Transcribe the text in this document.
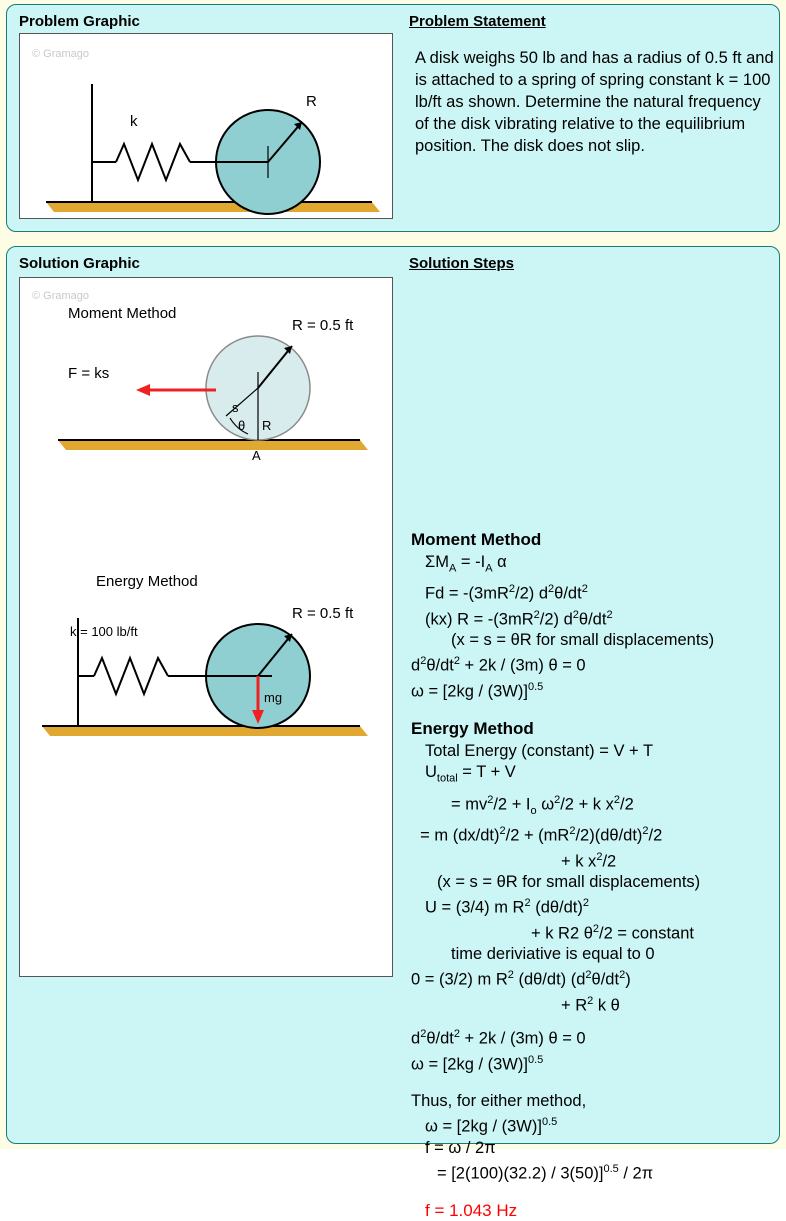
Problem Graphic	Problem Statement
© Gramago
k
R
A disk weighs 50 lb and has a radius of 0.5 ft and is attached to a spring of spring constant k = 100 lb/ft as shown. Determine the natural frequency of the disk vibrating relative to the equilibrium position. The disk does not slip.
Solution Graphic	Solution Steps
© Gramago
Moment Method
R = 0.5 ft
s
θ R
A
F = ks
Energy Method
k = 100 lb/ft
R = 0.5 ft
mg
Moment Method
$\Sigma M_A = -I_A$ α
$Fd = -(3mR^2/2)$ $d^2\theta/dt^2$
(kx) $R = -(3mR^2/2)$ $d^2\theta/dt^2$
(x = s = θR for small displacements)
$d^2\theta/dt^2 + 2k / (3m) \theta = 0$
ω = [2kg / (3W)]$^{0.5}$
Energy Method
Total Energy (constant) = V + T
$U_{total} = T + V$
= $mv^2/2 + I_o$ $\omega^2/2 + k$ $x^2/2$
= m $(dx/dt)^2/2 + (mR^2/2)(d\theta/dt)^2/2$
+ k $x^2/2$
(x = s = θR for small displacements)
U = (3/4) m $R^2$ $(d\theta/dt)^2$
+ k R2 $\theta^2/2$ = constant
time deriviative is equal to 0
0 = (3/2) m $R^2$ (dθ/dt) $(d^2\theta/dt^2)$
+ $R^2$ k θ
$d^2\theta/dt^2 + 2k / (3m) \theta = 0$
ω = [2kg / (3W)]$^{0.5}$
Thus, for either method,
ω = [2kg / (3W)]$^{0.5}$
f = ω / 2π
= [2(100)(32.2) / 3(50)]$^{0.5}$ / 2π
f = 1.043 Hz
